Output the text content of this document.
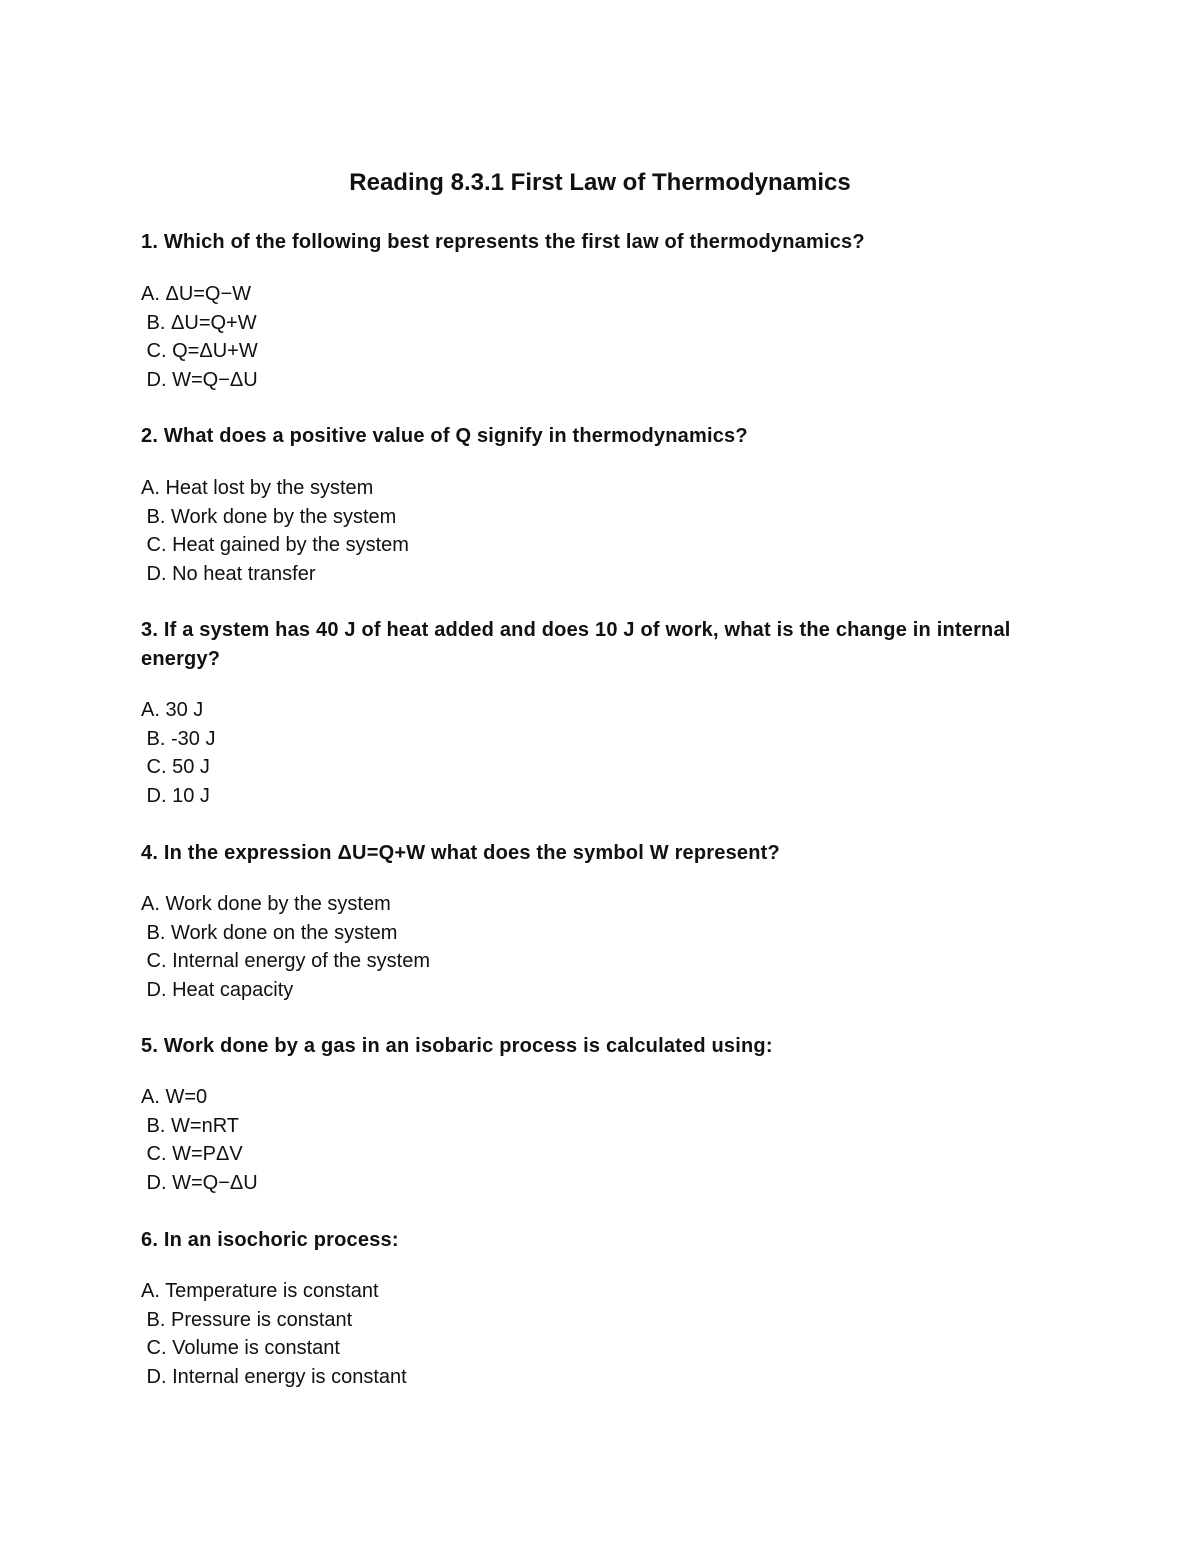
Reading 8.3.1 First Law of Thermodynamics

1. Which of the following best represents the first law of thermodynamics?

A. ΔU=Q−W
B. ΔU=Q+W
C. Q=ΔU+W
D. W=Q−ΔU

2. What does a positive value of Q signify in thermodynamics?

A. Heat lost by the system
B. Work done by the system
C. Heat gained by the system
D. No heat transfer

3. If a system has 40 J of heat added and does 10 J of work, what is the change in internal energy?

A. 30 J
B. -30 J
C. 50 J
D. 10 J

4. In the expression ΔU=Q+W what does the symbol W represent?

A. Work done by the system
B. Work done on the system
C. Internal energy of the system
D. Heat capacity

5. Work done by a gas in an isobaric process is calculated using:

A. W=0
B. W=nRT
C. W=PΔV
D. W=Q−ΔU

6. In an isochoric process:

A. Temperature is constant
B. Pressure is constant
C. Volume is constant
D. Internal energy is constant
